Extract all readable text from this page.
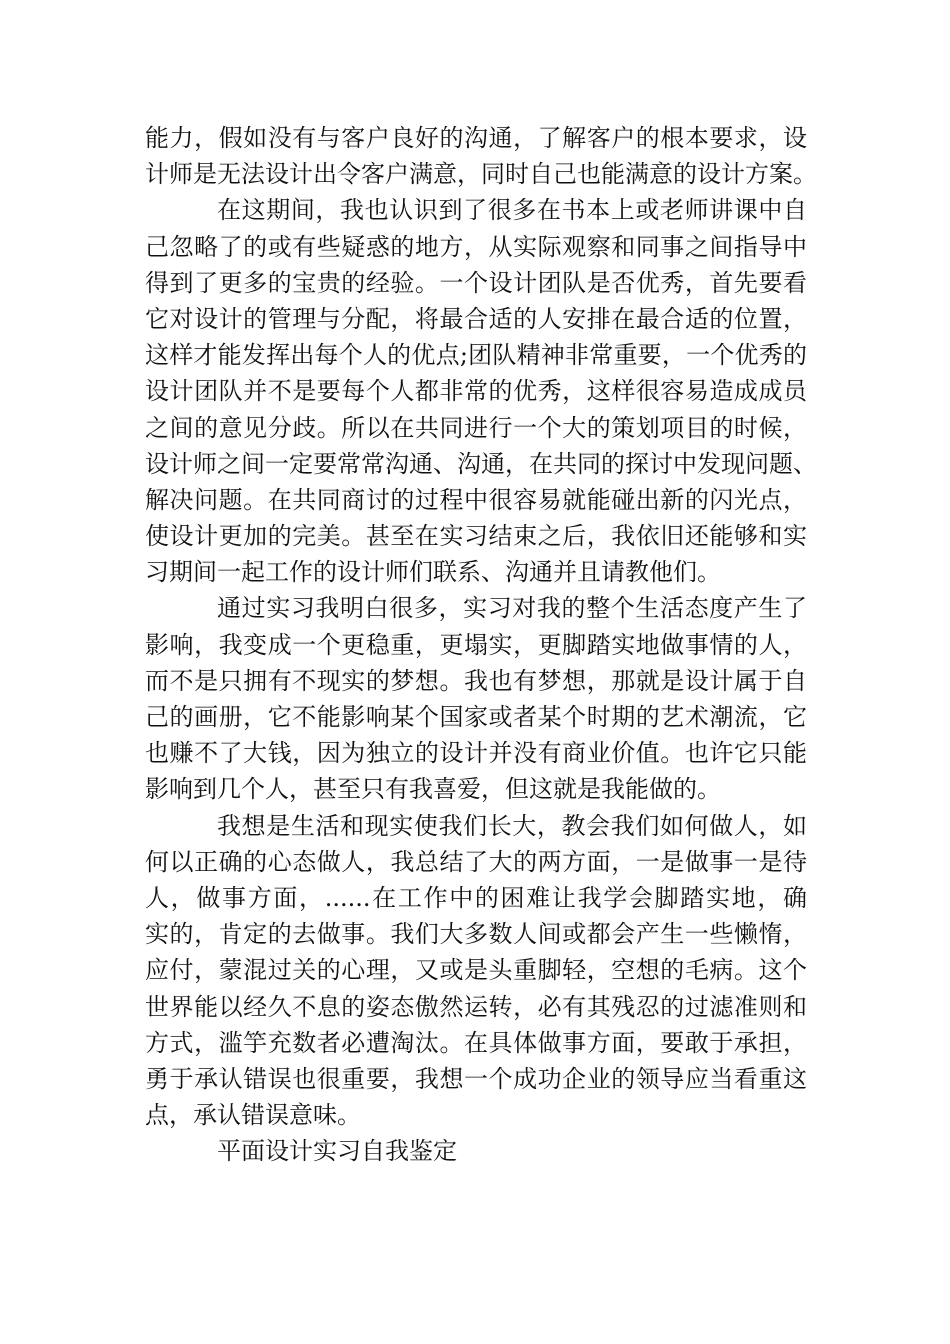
能力，假如没有与客户良好的沟通，了解客户的根本要求，设
计师是无法设计出令客户满意，同时自己也能满意的设计方案。
在这期间，我也认识到了很多在书本上或老师讲课中自
己忽略了的或有些疑惑的地方，从实际观察和同事之间指导中
得到了更多的宝贵的经验。一个设计团队是否优秀，首先要看
它对设计的管理与分配，将最合适的人安排在最合适的位置，
这样才能发挥出每个人的优点;团队精神非常重要，一个优秀的
设计团队并不是要每个人都非常的优秀，这样很容易造成成员
之间的意见分歧。所以在共同进行一个大的策划项目的时候，
设计师之间一定要常常沟通、沟通，在共同的探讨中发现问题、
解决问题。在共同商讨的过程中很容易就能碰出新的闪光点，
使设计更加的完美。甚至在实习结束之后，我依旧还能够和实
习期间一起工作的设计师们联系、沟通并且请教他们。
通过实习我明白很多，实习对我的整个生活态度产生了
影响，我变成一个更稳重，更塌实，更脚踏实地做事情的人，
而不是只拥有不现实的梦想。我也有梦想，那就是设计属于自
己的画册，它不能影响某个国家或者某个时期的艺术潮流，它
也赚不了大钱，因为独立的设计并没有商业价值。也许它只能
影响到几个人，甚至只有我喜爱，但这就是我能做的。
我想是生活和现实使我们长大，教会我们如何做人，如
何以正确的心态做人，我总结了大的两方面，一是做事一是待
人，做事方面，......在工作中的困难让我学会脚踏实地，确
实的，肯定的去做事。我们大多数人间或都会产生一些懒惰，
应付，蒙混过关的心理，又或是头重脚轻，空想的毛病。这个
世界能以经久不息的姿态傲然运转，必有其残忍的过滤准则和
方式，滥竽充数者必遭淘汰。在具体做事方面，要敢于承担，
勇于承认错误也很重要，我想一个成功企业的领导应当看重这
点，承认错误意味。
平面设计实习自我鉴定
